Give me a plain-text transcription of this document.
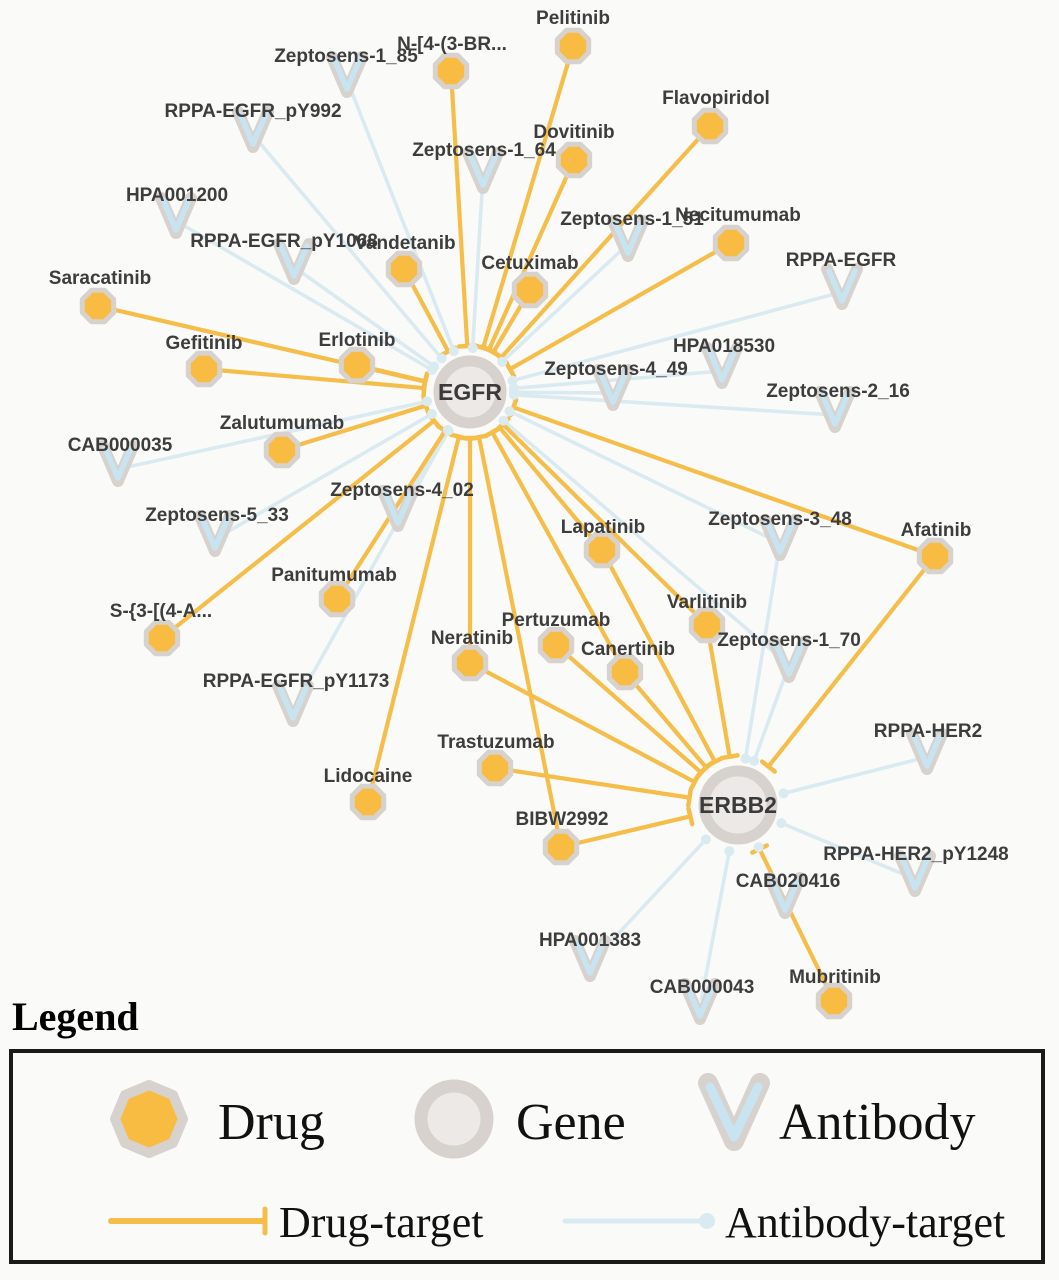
EGFR
ERBB2
Pelitinib
N-[4-(3-BR...
Flavopiridol
Dovitinib
Necitumumab
Vandetanib
Cetuximab
Saracatinib
Gefitinib	Erlotinib
Zalutumumab
Panitumumab
S-{3-[(4-A...
Lapatinib
Varlitinib
Pertuzumab
Canertinib
Neratinib
Afatinib
Trastuzumab
Lidocaine
BIBW2992
Mubritinib
Zeptosens-1_85
RPPA-EGFR_pY992
HPA001200
RPPA-EGFR_pY1068
Zeptosens-1_64
Zeptosens-1_51
RPPA-EGFR
HPA018530
Zeptosens-4_49
Zeptosens-2_16
CAB000035
Zeptosens-5_33
Zeptosens-4_02
Zeptosens-3_48
Zeptosens-1_70
RPPA-EGFR_pY1173
RPPA-HER2
RPPA-HER2_pY1248
CAB020416
HPA001383
CAB000043
Legend
Drug	Gene	Antibody
Drug-target	Antibody-target
